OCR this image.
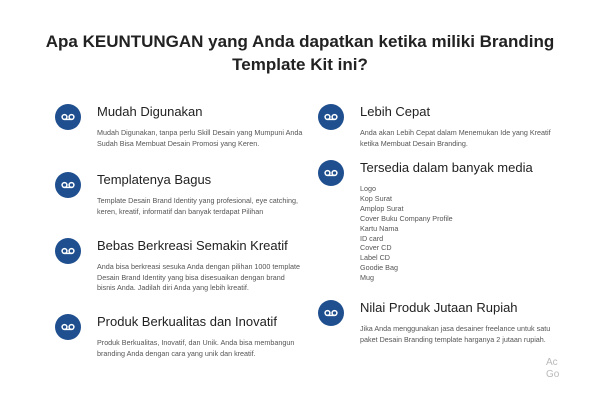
Apa KEUNTUNGAN yang Anda dapatkan ketika miliki Branding Template Kit ini?
Mudah Digunakan

Mudah Digunakan, tanpa perlu Skill Desain yang Mumpuni Anda Sudah Bisa Membuat Desain Promosi yang Keren.

Templatenya Bagus

Template Desain Brand Identity yang profesional, eye catching, keren, kreatif, informatif dan banyak terdapat Pilihan

Bebas Berkreasi Semakin Kreatif

Anda bisa berkreasi sesuka Anda dengan pilihan 1000 template Desain Brand Identity yang bisa disesuaikan dengan brand bisnis Anda. Jadilah diri Anda yang lebih kreatif.

Produk Berkualitas dan Inovatif

Produk Berkualitas, Inovatif, dan Unik. Anda bisa membangun branding Anda dengan cara yang unik dan kreatif.

Lebih Cepat

Anda akan Lebih Cepat dalam Menemukan Ide yang Kreatif ketika Membuat Desain Branding.

Tersedia dalam banyak media
Logo
Kop Surat
Amplop Surat
Cover Buku Company Profile
Kartu Nama
ID card
Cover CD
Label CD
Goodie Bag
Mug
Nilai Produk Jutaan Rupiah

Jika Anda menggunakan jasa desainer freelance untuk satu paket Desain Branding template harganya 2 jutaan rupiah.

Ac
Go
